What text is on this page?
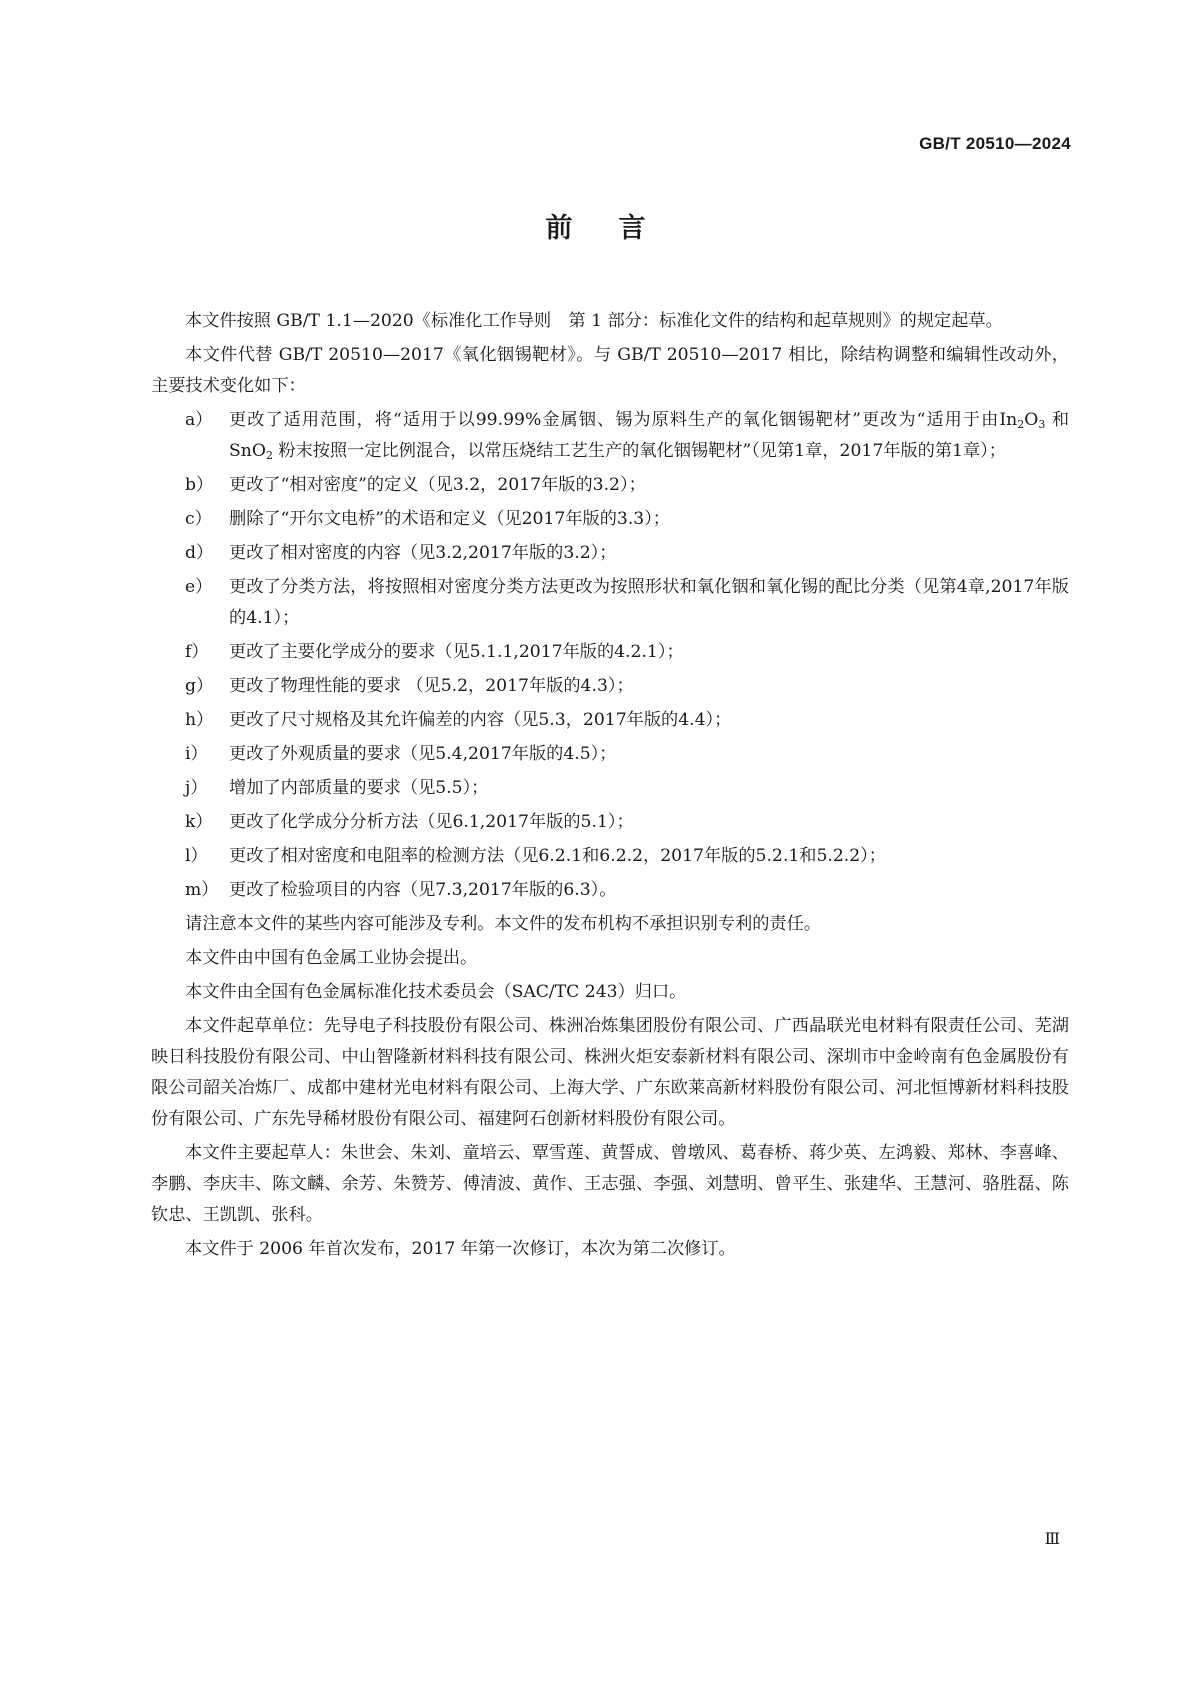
GB/T 20510—2024
前 言

本文件按照 GB/T 1.1—2020《标准化工作导则　第 1 部分：标准化文件的结构和起草规则》的规定起草。

本文件代替 GB/T 20510—2017《氧化铟锡靶材》。与 GB/T 20510—2017 相比，除结构调整和编辑性改动外，主要技术变化如下：

a） 更改了适用范围，将“适用于以99.99%金属铟、锡为原料生产的氧化铟锡靶材”更改为“适用于由$In_2O_3$ 和SnO$_2$ 粉末按照一定比例混合，以常压烧结工艺生产的氧化铟锡靶材”（见第1章，2017年版的第1章）；
b） 更改了“相对密度”的定义（见3.2，2017年版的3.2）；
c） 删除了“开尔文电桥”的术语和定义（见2017年版的3.3）；
d） 更改了相对密度的内容（见3.2,2017年版的3.2）；
e） 更改了分类方法，将按照相对密度分类方法更改为按照形状和氧化铟和氧化锡的配比分类（见第4章,2017年版的4.1）；
f）	更改了主要化学成分的要求（见5.1.1,2017年版的4.2.1）；
g） 更改了物理性能的要求 （见5.2，2017年版的4.3）；
h） 更改了尺寸规格及其允许偏差的内容（见5.3，2017年版的4.4）；
i）	更改了外观质量的要求（见5.4,2017年版的4.5）；
j）	增加了内部质量的要求（见5.5）；
k） 更改了化学成分分析方法（见6.1,2017年版的5.1）；
l）	更改了相对密度和电阻率的检测方法（见6.2.1和6.2.2，2017年版的5.2.1和5.2.2）；
m） 更改了检验项目的内容（见7.3,2017年版的6.3）。

请注意本文件的某些内容可能涉及专利。本文件的发布机构不承担识别专利的责任。

本文件由中国有色金属工业协会提出。

本文件由全国有色金属标准化技术委员会（SAC/TC 243）归口。

本文件起草单位：先导电子科技股份有限公司、株洲冶炼集团股份有限公司、广西晶联光电材料有限责任公司、芜湖映日科技股份有限公司、中山智隆新材料科技有限公司、株洲火炬安泰新材料有限公司、深圳市中金岭南有色金属股份有限公司韶关冶炼厂、成都中建材光电材料有限公司、上海大学、广东欧莱高新材料股份有限公司、河北恒博新材料科技股份有限公司、广东先导稀材股份有限公司、福建阿石创新材料股份有限公司。

本文件主要起草人：朱世会、朱刘、童培云、覃雪莲、黄誓成、曾墩风、葛春桥、蒋少英、左鸿毅、郑林、李喜峰、李鹏、李庆丰、陈文麟、余芳、朱赞芳、傅清波、黄作、王志强、李强、刘慧明、曾平生、张建华、王慧河、骆胜磊、陈钦忠、王凯凯、张科。

本文件于 2006 年首次发布，2017 年第一次修订，本次为第二次修订。

Ⅲ
